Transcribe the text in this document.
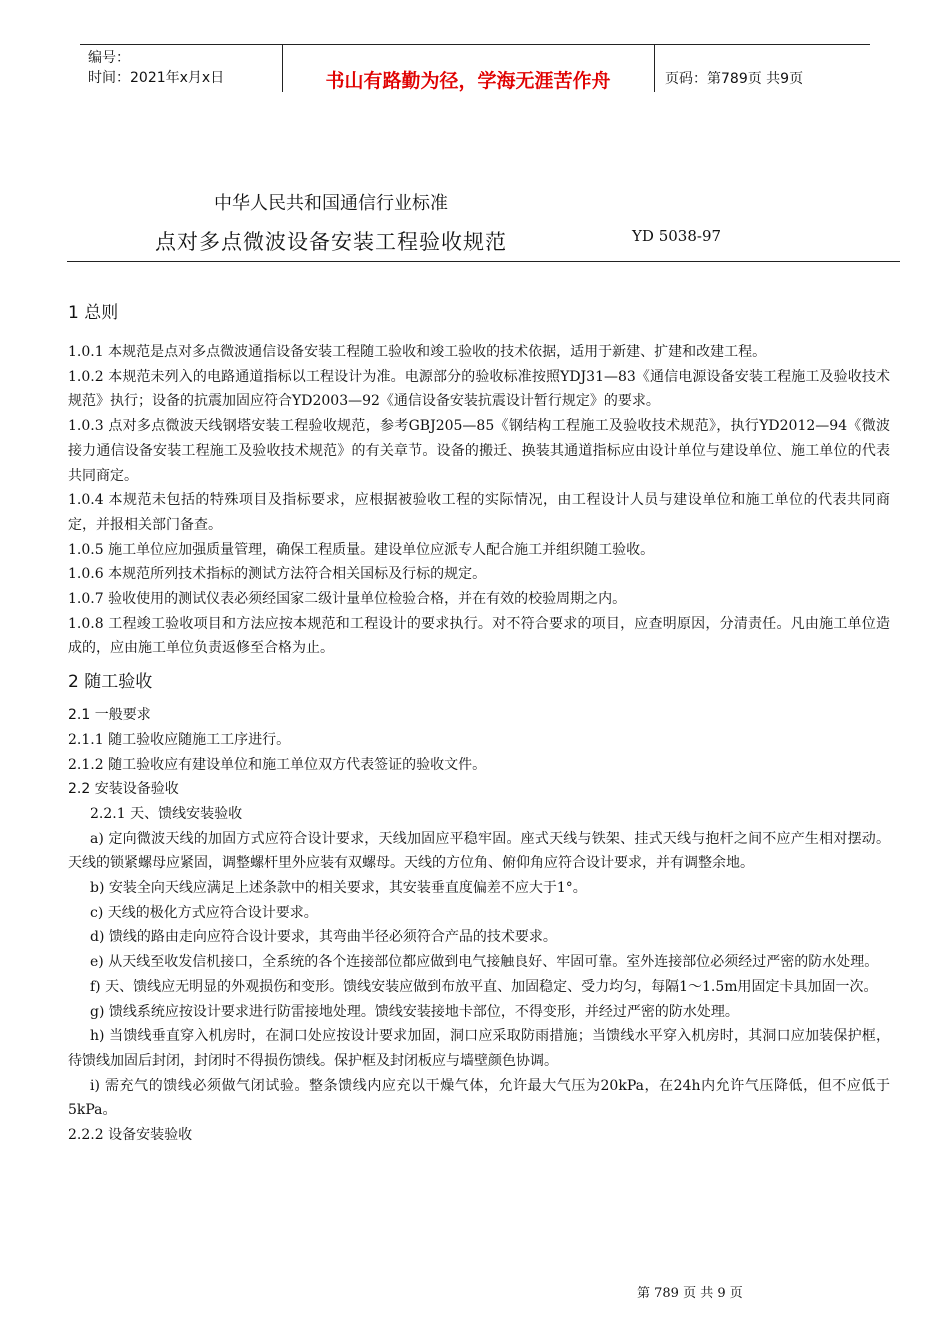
编号：
时间：2021年x月x日	书山有路勤为径，学海无涯苦作舟	页码：第789页 共9页
中华人民共和国通信行业标准
点对多点微波设备安装工程验收规范	YD 5038-97

1 总则

1.0.1 本规范是点对多点微波通信设备安装工程随工验收和竣工验收的技术依据，适用于新建、扩建和改建工程。

1.0.2 本规范未列入的电路通道指标以工程设计为准。电源部分的验收标准按照YDJ31—83《通信电源设备安装工程施工及验收技术规范》执行；设备的抗震加固应符合YD2003—92《通信设备安装抗震设计暂行规定》的要求。

1.0.3 点对多点微波天线钢塔安装工程验收规范，参考GBJ205—85《钢结构工程施工及验收技术规范》，执行YD2012—94《微波接力通信设备安装工程施工及验收技术规范》的有关章节。设备的搬迁、换装其通道指标应由设计单位与建设单位、施工单位的代表共同商定。

1.0.4 本规范未包括的特殊项目及指标要求，应根据被验收工程的实际情况，由工程设计人员与建设单位和施工单位的代表共同商定，并报相关部门备查。

1.0.5 施工单位应加强质量管理，确保工程质量。建设单位应派专人配合施工并组织随工验收。

1.0.6 本规范所列技术指标的测试方法符合相关国标及行标的规定。

1.0.7 验收使用的测试仪表必须经国家二级计量单位检验合格，并在有效的校验周期之内。

1.0.8 工程竣工验收项目和方法应按本规范和工程设计的要求执行。对不符合要求的项目，应查明原因，分清责任。凡由施工单位造成的，应由施工单位负责返修至合格为止。

2 随工验收

2.1 一般要求

2.1.1 随工验收应随施工工序进行。

2.1.2 随工验收应有建设单位和施工单位双方代表签证的验收文件。

2.2 安装设备验收

2.2.1 天、馈线安装验收

a) 定向微波天线的加固方式应符合设计要求，天线加固应平稳牢固。座式天线与铁架、挂式天线与抱杆之间不应产生相对摆动。天线的锁紧螺母应紧固，调整螺杆里外应装有双螺母。天线的方位角、俯仰角应符合设计要求，并有调整余地。

b) 安装全向天线应满足上述条款中的相关要求，其安装垂直度偏差不应大于1°。

c) 天线的极化方式应符合设计要求。

d) 馈线的路由走向应符合设计要求，其弯曲半径必须符合产品的技术要求。

e) 从天线至收发信机接口，全系统的各个连接部位都应做到电气接触良好、牢固可靠。室外连接部位必须经过严密的防水处理。

f) 天、馈线应无明显的外观损伤和变形。馈线安装应做到布放平直、加固稳定、受力均匀，每隔1～1.5m用固定卡具加固一次。

g) 馈线系统应按设计要求进行防雷接地处理。馈线安装接地卡部位，不得变形，并经过严密的防水处理。

h) 当馈线垂直穿入机房时，在洞口处应按设计要求加固，洞口应采取防雨措施；当馈线水平穿入机房时，其洞口应加装保护框，待馈线加固后封闭，封闭时不得损伤馈线。保护框及封闭板应与墙壁颜色协调。

i) 需充气的馈线必须做气闭试验。整条馈线内应充以干燥气体，允许最大气压为20kPa，在24h内允许气压降低，但不应低于5kPa。

2.2.2 设备安装验收

第 789 页 共 9 页
